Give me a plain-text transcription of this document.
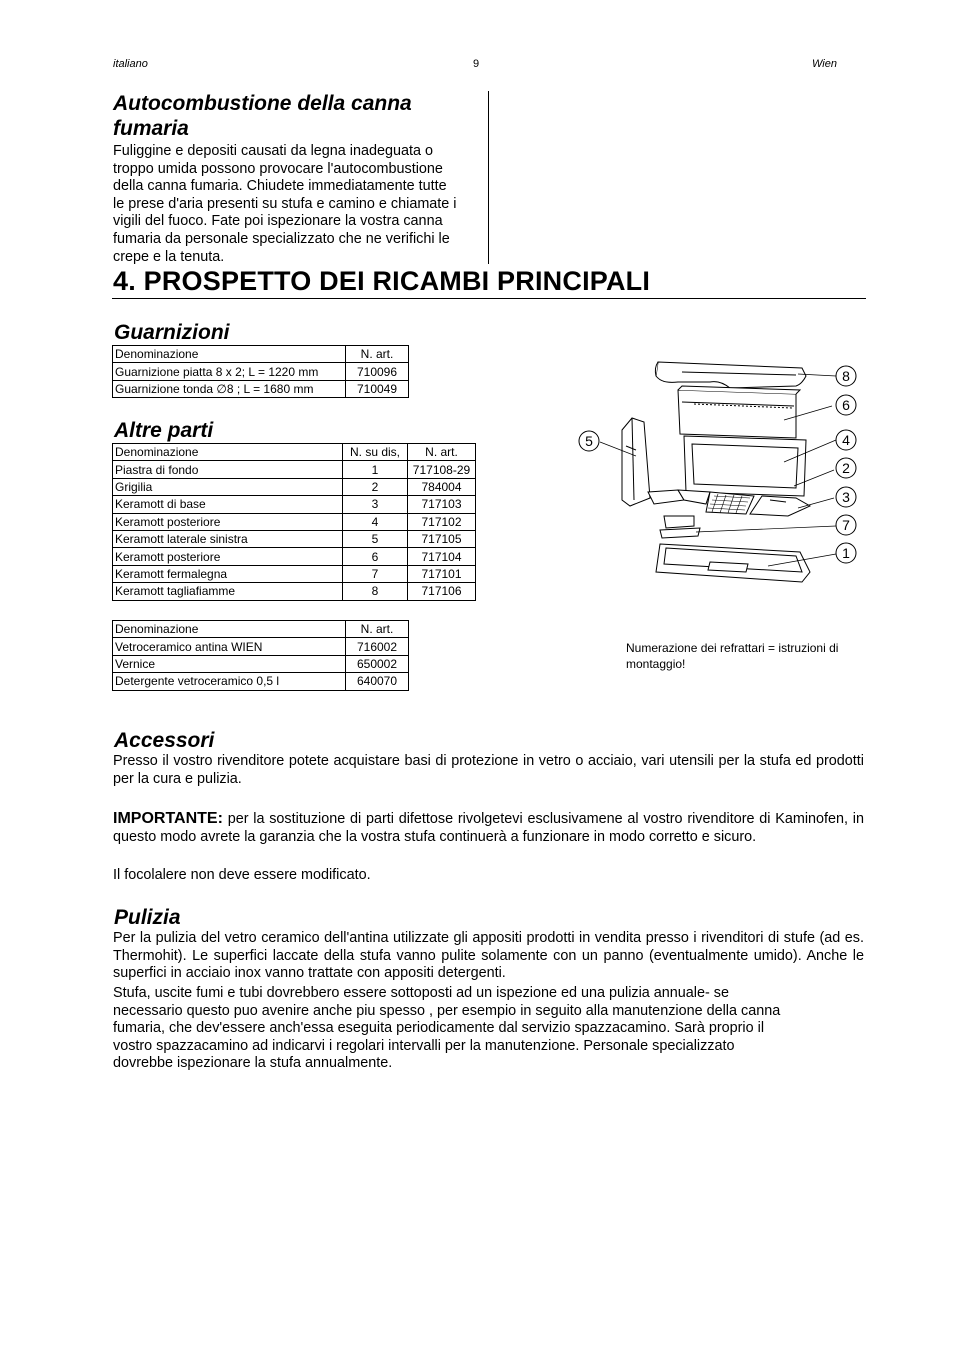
italiano	9	Wien
Autocombustione della canna fumaria
Fuliggine e depositi causati da legna inadeguata o
troppo umida possono provocare l'autocombustione
della canna fumaria. Chiudete immediatamente tutte
le prese d'aria presenti su stufa e camino e chiamate i
vigili del fuoco. Fate poi ispezionare la vostra canna
fumaria da personale specializzato che ne verifichi le
crepe e la tenuta.
4. PROSPETTO DEI RICAMBI PRINCIPALI
Guarnizioni
Denominazione	N. art.
Guarnizione piatta 8 x 2; L = 1220 mm	710096
Guarnizione tonda ∅8 ; L = 1680 mm	710049
Altre parti
Denominazione	N. su dis,	N. art.
Piastra di fondo	1	717108-29
Grigilia	2	784004
Keramott di base	3	717103
Keramott posteriore	4	717102
Keramott laterale sinistra	5	717105
Keramott posteriore	6	717104
Keramott fermalegna	7	717101
Keramott tagliafiamme	8	717106
Denominazione	N. art.
Vetroceramico antina WIEN	716002
Vernice	650002
Detergente vetroceramico 0,5 l	640070
8
6
4
2
3
7
1
5
Numerazione dei refrattari = istruzioni di
montaggio!
Accessori
Presso il vostro rivenditore potete acquistare basi di protezione in vetro o acciaio, vari utensili per la stufa ed prodotti per la cura e pulizia.
IMPORTANTE: per la sostituzione di parti difettose rivolgetevi esclusivamene al vostro rivenditore di Kaminofen, in questo modo avrete la garanzia che la vostra stufa continuerà a funzionare in modo corretto e sicuro.
Il focolalere non deve essere modificato.
Pulizia
Per la pulizia del vetro ceramico dell'antina utilizzate gli appositi prodotti in vendita presso i rivenditori di stufe (ad es. Thermohit). Le superfici laccate della stufa vanno pulite solamente con un panno (eventualmente umido). Anche le superfici in acciaio inox vanno trattate con appositi detergenti.
Stufa, uscite fumi e tubi dovrebbero essere sottoposti ad un ispezione ed una pulizia annuale- se
necessario questo puo avenire anche piu spesso , per esempio in seguito alla manutenzione della canna
fumaria, che dev'essere anch'essa eseguita periodicamente dal servizio spazzacamino. Sarà proprio il
vostro spazzacamino ad indicarvi i regolari intervalli per la manutenzione. Personale specializzato
dovrebbe ispezionare la stufa annualmente.
